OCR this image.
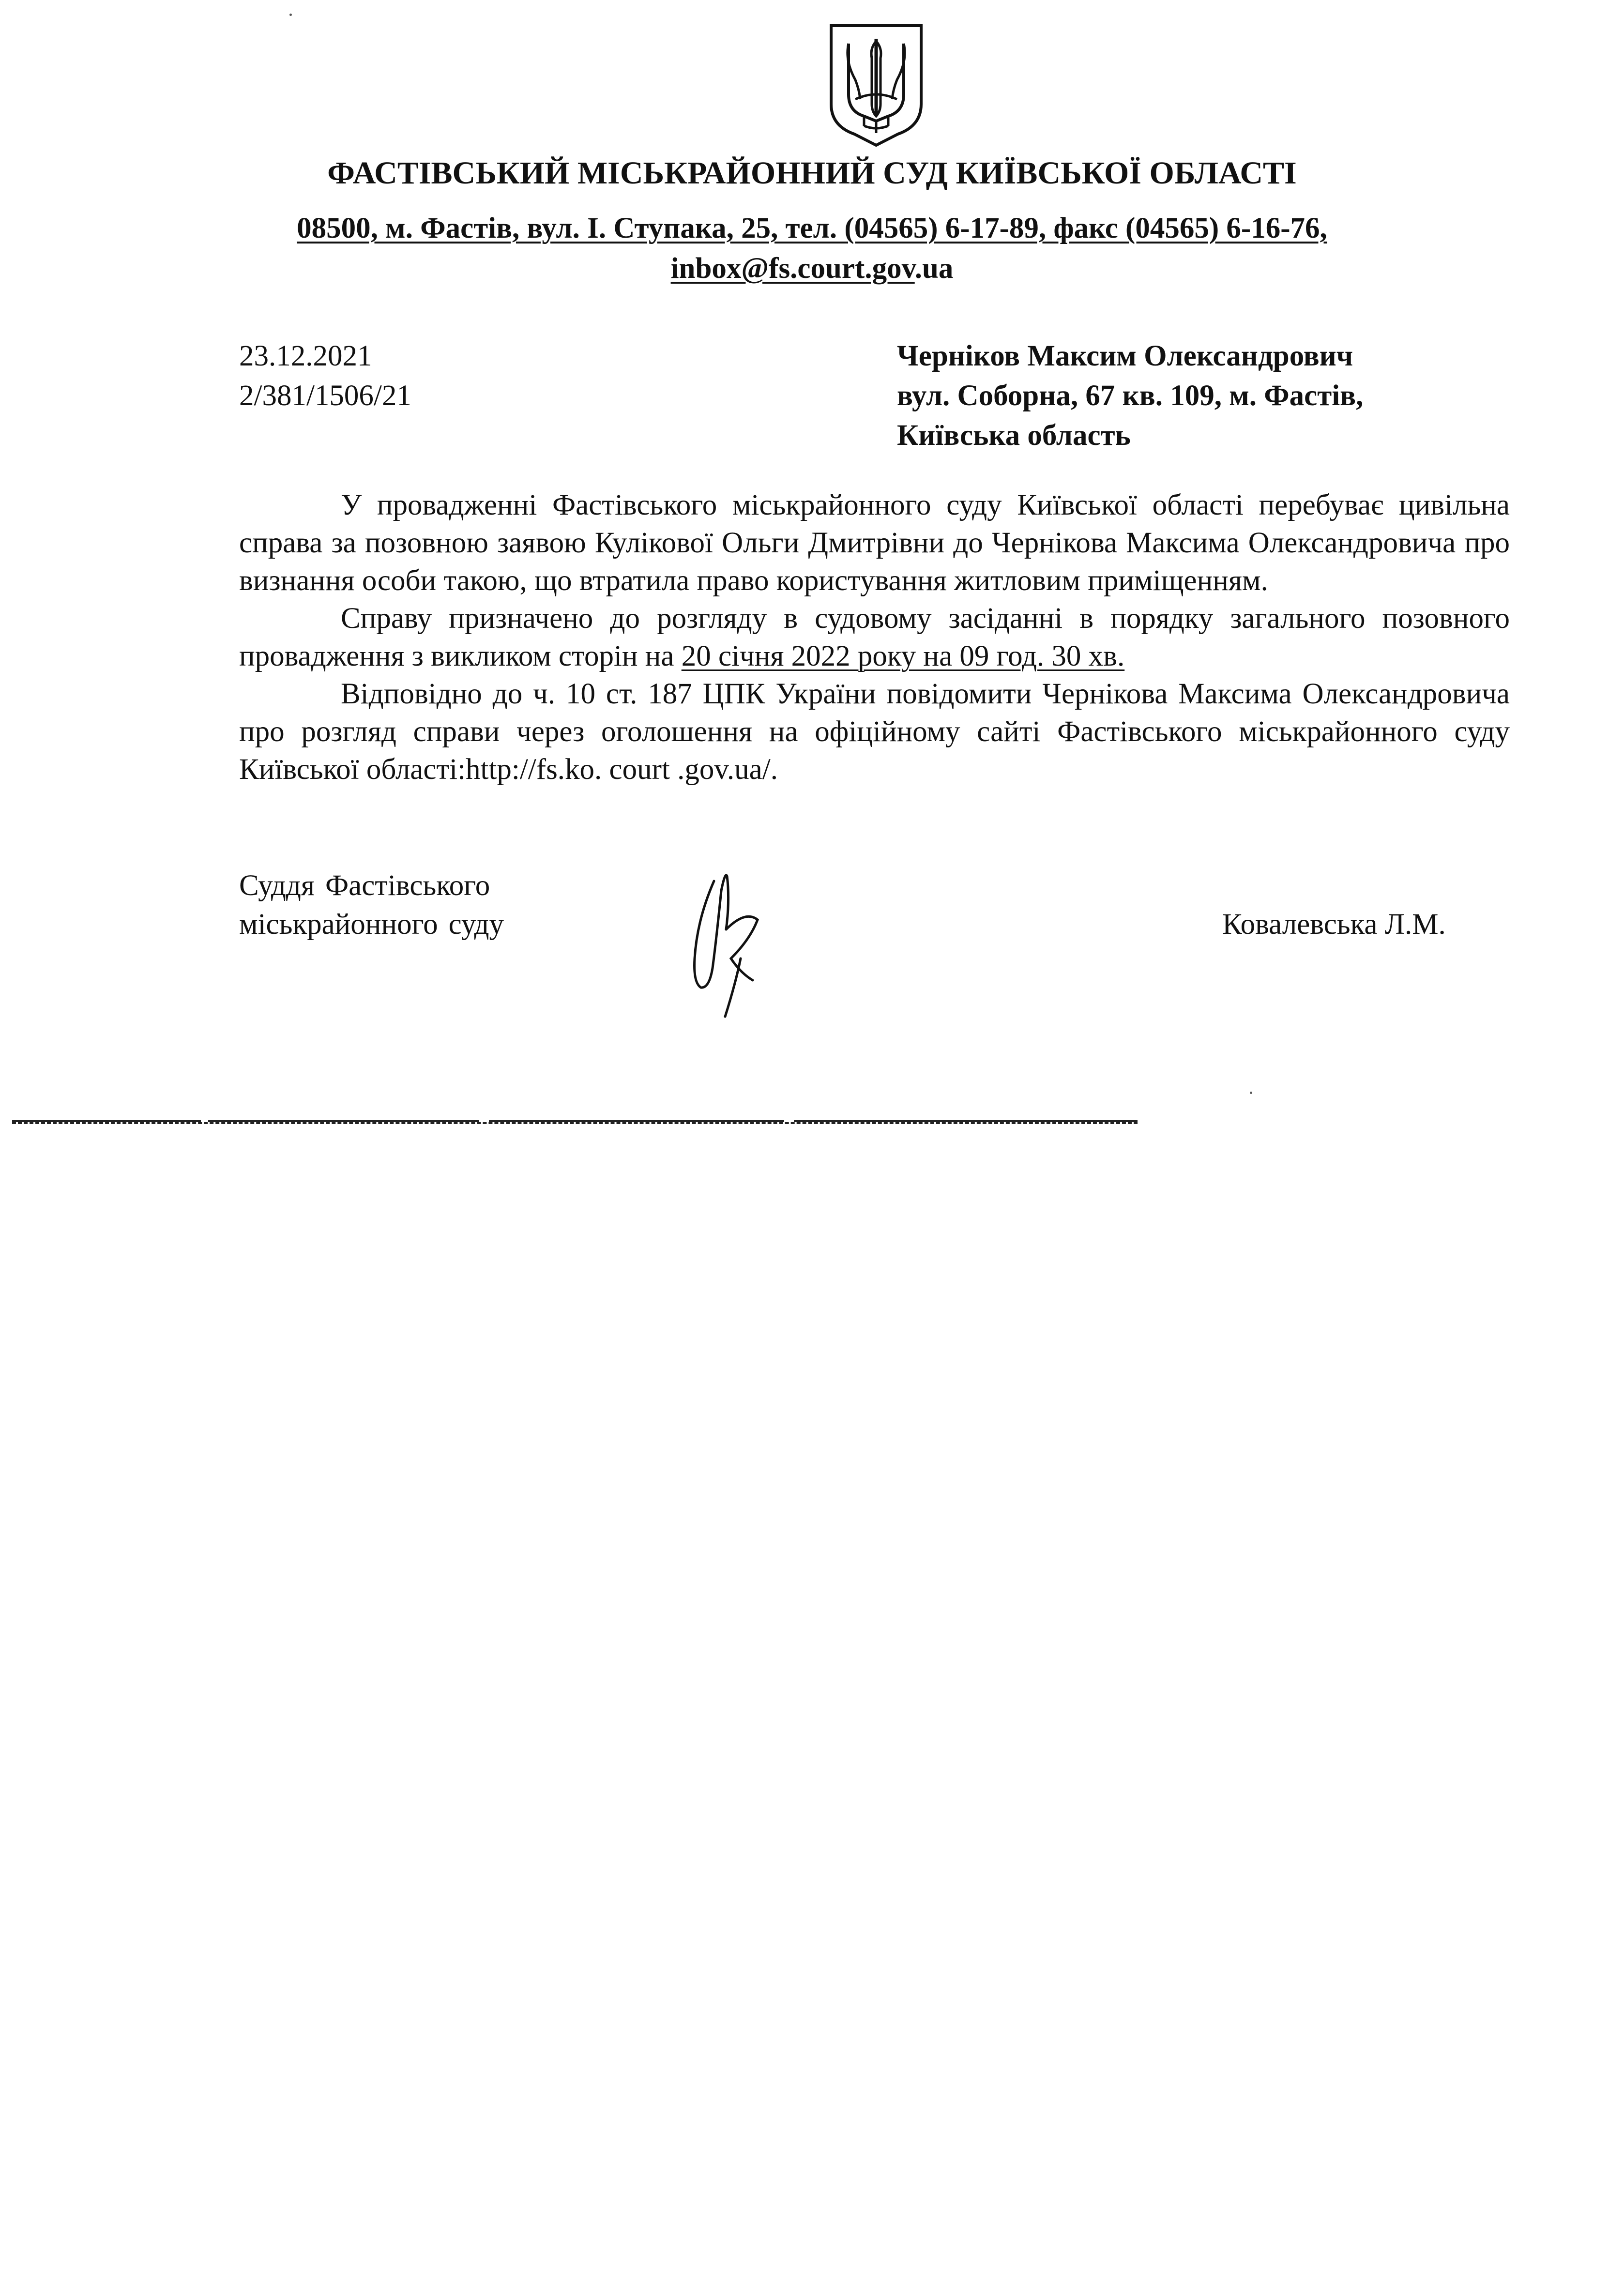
ФАСТІВСЬКИЙ МІСЬКРАЙОННИЙ СУД КИЇВСЬКОЇ ОБЛАСТІ
08500, м. Фастів, вул. І. Ступака, 25, тел. (04565) 6-17-89, факс (04565) 6-16-76,
inbox@fs.court.gov.ua
23.12.2021
2/381/1506/21
Черніков Максим Олександрович
вул. Соборна, 67 кв. 109, м. Фастів,
Київська область

У провадженні Фастівського міськрайонного суду Київської області перебуває цивільна справа за позовною заявою Кулікової Ольги Дмитрівни до Чернікова Максима Олександровича про визнання особи такою, що втратила право користування житловим приміщенням.

Справу призначено до розгляду в судовому засіданні в порядку загального позовного провадження з викликом сторін на 20 січня 2022 року на 09 год. 30 хв.

Відповідно до ч. 10 ст. 187 ЦПК України повідомити Чернікова Максима Олександровича про розгляд справи через оголошення на офіційному сайті Фастівського міськрайонного суду Київської області:http://fs.ko. court .gov.ua/.

Суддя Фастівського
міськрайонного суду	Ковалевська Л.М.
